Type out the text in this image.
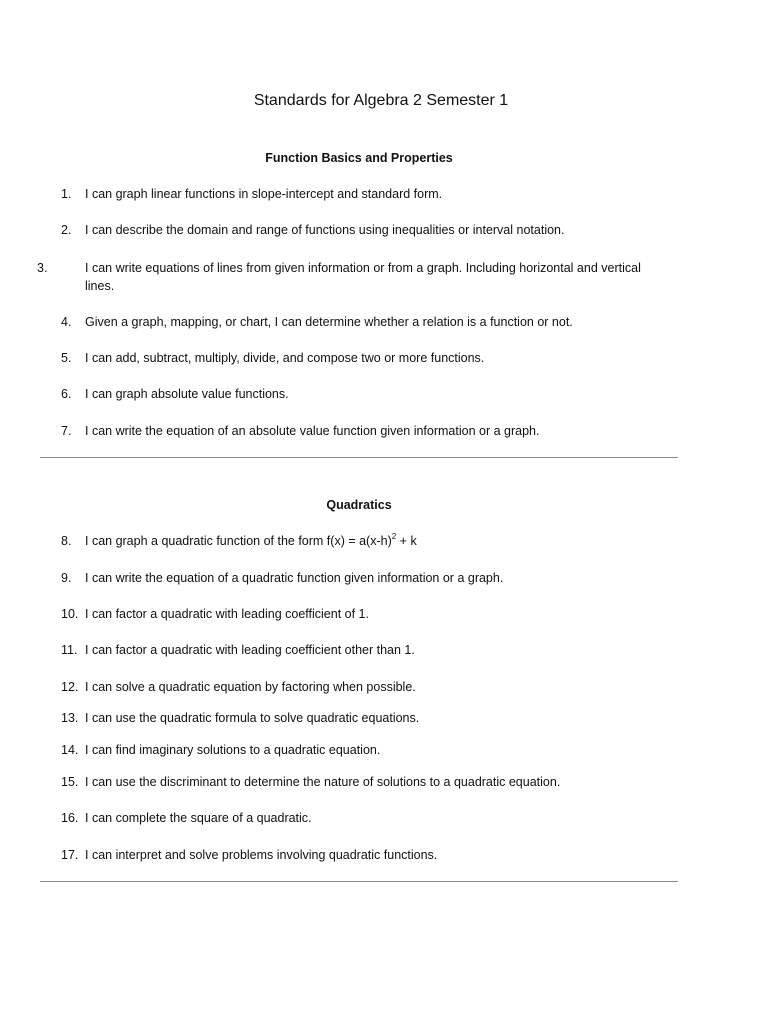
Standards for Algebra 2 Semester 1
Function Basics and Properties
1. I can graph linear functions in slope-intercept and standard form.
2. I can describe the domain and range of functions using inequalities or interval notation.
3.	I can write equations of lines from given information or from a graph. Including horizontal and vertical lines.
4. Given a graph, mapping, or chart, I can determine whether a relation is a function or not.
5. I can add, subtract, multiply, divide, and compose two or more functions.
6. I can graph absolute value functions.
7. I can write the equation of an absolute value function given information or a graph.
Quadratics
8. I can graph a quadratic function of the form $f(x) = a(x-h)^2 + k$
9. I can write the equation of a quadratic function given information or a graph.
10. I can factor a quadratic with leading coefficient of 1.
11. I can factor a quadratic with leading coefficient other than 1.
12. I can solve a quadratic equation by factoring when possible.
13. I can use the quadratic formula to solve quadratic equations.
14. I can find imaginary solutions to a quadratic equation.
15. I can use the discriminant to determine the nature of solutions to a quadratic equation.
16. I can complete the square of a quadratic.
17. I can interpret and solve problems involving quadratic functions.
